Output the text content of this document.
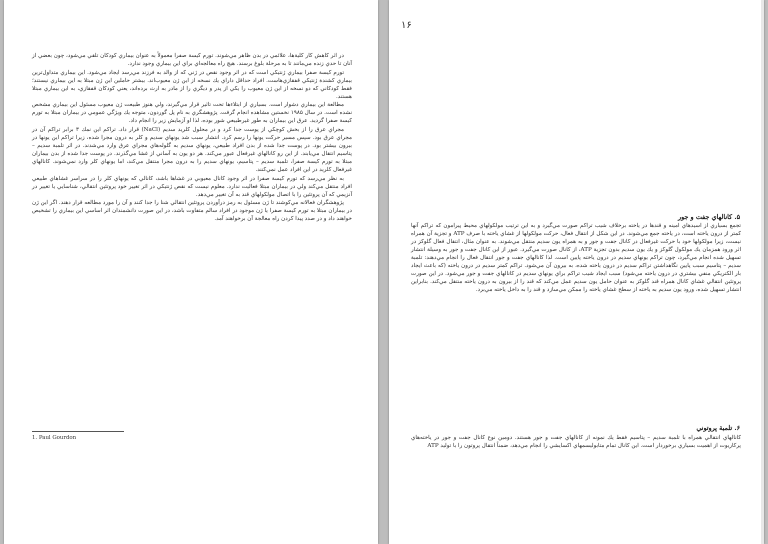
در اثر كاهش كار كلية‌ها، علائمي در بدن ظاهر مي‌شوند. تورم كيسة صفرا معمولاً به عنوان بيماري كودكان تلقي مي‌شود، چون بعضي از آنان تا حدي زنده مي‌مانند تا به مرحلة بلوغ برسند. هيچ راه معالجه‌اي براي اين بيماري وجود ندارد.

تورم كيسة صفرا بيماري ژنتيكي است كه در اثر وجود نقص در ژني كه از والد به فرزند مي‌رسد ايجاد مي‌شود. اين بيماري متداول‌ترين بيماري كشندة ژنتيكي قفقازي‌هاست. افراد حداقل داراي يك نسخه از اين ژن معيوب‌اند. بيشتر حاملين اين ژن مبتلا به اين بيماري نيستند؛ فقط كودكاني كه دو نسخه از اين ژن معيوب را يكي از پدر و ديگري را از مادر به ارث برده‌اند، يعني كودكان قفقازي، به اين بيماري مبتلا هستند.

مطالعة اين بيماري دشوار است. بسياري از ابتلاءها تحت تاثير قرار مي‌گيرند، ولي هنوز طبيعت ژن معيوب مسئول اين بيماري مشخص نشده است. در سال ۱۹۸۵ نخستين مشاهده انجام گرفت. پژوهشگري به نام پل گوردون، متوجه يك ويژگي عمومي در بيماران مبتلا به تورم كيسة صفرا گرديد. عرق اين بيماران به طور غيرطبيعي شور بوده، لذا او آزمايش زير را انجام داد.

مجراي عرق را از بخش كوچكي از پوست جدا كرد و در محلول كلريد سديم (NaCl) قرار داد. تراكم اين نمك ۳ برابر تراكم آن در مجراي عرق بود. سپس مسير حركت يونها را رسم كرد. انتشار سبب شد يونهاي سديم و كلر به درون مجرا شده، زيرا تراكم اين يونها در بيرون بيشتر بود. در پوست جدا شده از بدن افراد طبيعي، يونهاي سديم به گلوله‌هاي مجراي عرق وارد مي‌شدند. در اثر تلمبة سديم – پتاسيم انتقال مي‌يابند. از اين رو كانالهاي غيرفعال عبور مي‌كند. هر دو يون به آساني از غشا مي‌گذرند. در پوست جدا شده از بدن بيماران مبتلا به تورم كيسة صفرا، تلمبة سديم – پتاسيم، يونهاي سديم را به درون مجرا منتقل مي‌كند، اما يونهاي كلر وارد نمي‌شوند. كانالهاي غيرفعال كلريد در اين افراد عمل نمي‌كنند.

به نظر مي‌رسد كه تورم كيسة صفرا در اثر وجود كانال معيوبي در غشاها باشد، كانالي كه يونهاي كلر را در سراسر غشاهاي طبيعي افراد منتقل مي‌كند ولي در بيماران مبتلا فعاليت ندارد. معلوم نيست كه نقص ژنتيكي در اثر تغيير خود پروتئين انتقالي، شناسايي يا تغيير در آنزيمي كه آن پروتئين را با اتصال مولكولهاي قند به آن تغيير مي‌دهد.

پژوهشگران فعالانه مي‌كوشند تا ژن مسئول به رمز درآوردن پروتئين انتقالي شنا را جدا كنند و آن را مورد مطالعه قرار دهند. اگر اين ژن در بيماران مبتلا به تورم كيسة صفرا يا ژن موجود در افراد سالم متفاوت باشد، در اين صورت دانشمندان اثر اساسي اين بيماري را تشخيص خواهند داد و در صدد پيدا كردن راه معالجة آن برخواهند آمد.

1. Paul Gourdon
۱۶
۵. كانالهاي جفت و جور

تجمع بسياري از اسيدهاي امينه و قندها در ياخته برخلاف شيب تراكم صورت مي‌گيرد و به اين ترتيب مولكولهاي محيط پيرامون كه تراكم آنها كمتر از درون ياخته است، در ياخته جمع مي‌شوند. در اين شكل از انتقال فعال، حركت مولكولها از غشاي ياخته با صرف ATP و تجزية آن همراه نيست، زيرا مولكولها خود با حركت غيرفعال در كانال جفت و جور و به همراه يون سديم منتقل مي‌شوند. به عنوان مثال، انتقال فعال گلوكز در اثر ورود همزمان يك مولكول گلوكز و يك يون سديم بدون تجزية ATP، از كانال صورت مي‌گيرد. عبور از اين كانال جفت و جور به وسيلة انتشار تسهيل شده انجام مي‌گيرد، چون تراكم يونهاي سديم در درون ياخته پايين است. لذا كانالهاي جفت و جور انتقال فعال را انجام مي‌دهند: تلمبة سديم – پتاسيم سبب پايين نگاهداشتن تراكم سديم در درون ياخته شده، به بيرون آن مي‌شود. تراكم كمتر سديم در درون ياخته (كه باعث ايجاد بار الكتريكي منفي بيشتري در درون ياخته مي‌شود) سبب ايجاد شيب تراكم براي يونهاي سديم در كانالهاي جفت و جور مي‌شود. در اين صورت پروتئين انتقالي غشاي كانال همراه قند گلوكز به عنوان حامل يون سديم عمل مي‌كند كه قند را از بيرون به درون ياخته منتقل مي‌كند. بنابراين انتشار تسهيل شده، ورود يون سديم به ياخته از سطح غشاي ياخته را ممكن مي‌سازد و قند را به داخل ياخته مي‌برد.

۶. تلمبة پروتوني

كانالهاي انتقالي همراه با تلمبة سديم – پتاسيم فقط يك نمونه از كانالهاي جفت و جور هستند. دومين نوع كانال جفت و جور در ياخته‌هاي پركاريوت از اهميت بسياري برخوردار است. اين كانال تمام متابوليسمهاي اكسايشي را انجام مي‌دهد، ضمناً انتقال پروتون را با توليد ATP
